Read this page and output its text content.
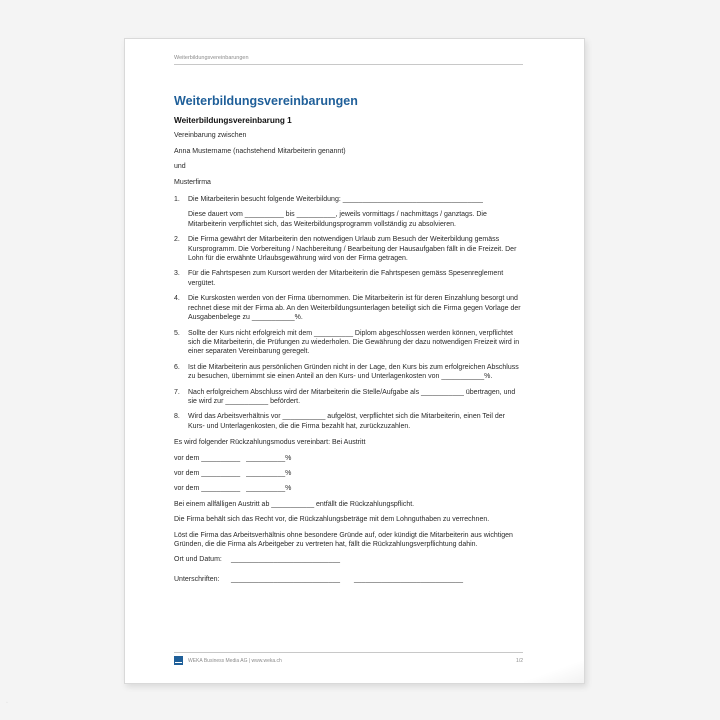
◦
Weiterbildungsvereinbarungen
Weiterbildungsvereinbarungen
Weiterbildungsvereinbarung 1
Vereinbarung zwischen
Anna Mustername (nachstehend Mitarbeiterin genannt)
und
Musterfirma
1. Die Mitarbeiterin besucht folgende Weiterbildung: ____________________________________
Diese dauert vom __________ bis __________, jeweils vormittags / nachmittags / ganztags. Die Mitarbeiterin verpflichtet sich, das Weiterbildungsprogramm vollständig zu absolvieren.
2. Die Firma gewährt der Mitarbeiterin den notwendigen Urlaub zum Besuch der Weiterbildung gemäss Kursprogramm. Die Vorbereitung / Nachbereitung / Bearbeitung der Hausaufgaben fällt in die Freizeit. Der Lohn für die erwähnte Urlaubsgewährung wird von der Firma getragen.
3. Für die Fahrtspesen zum Kursort werden der Mitarbeiterin die Fahrtspesen gemäss Spesenreglement vergütet.
4. Die Kurskosten werden von der Firma übernommen. Die Mitarbeiterin ist für deren Einzahlung besorgt und rechnet diese mit der Firma ab. An den Weiterbildungsunterlagen beteiligt sich die Firma gegen Vorlage der Ausgabenbelege zu ___________%.
5. Sollte der Kurs nicht erfolgreich mit dem __________ Diplom abgeschlossen werden können, verpflichtet sich die Mitarbeiterin, die Prüfungen zu wiederholen. Die Gewährung der dazu notwendigen Freizeit wird in einer separaten Vereinbarung geregelt.
6. Ist die Mitarbeiterin aus persönlichen Gründen nicht in der Lage, den Kurs bis zum erfolgreichen Abschluss zu besuchen, übernimmt sie einen Anteil an den Kurs- und Unterlagenkosten von ___________%.
7. Nach erfolgreichem Abschluss wird der Mitarbeiterin die Stelle/Aufgabe als ___________ übertragen, und sie wird zur ___________ befördert.
8. Wird das Arbeitsverhältnis vor ___________ aufgelöst, verpflichtet sich die Mitarbeiterin, einen Teil der Kurs- und Unterlagenkosten, die die Firma bezahlt hat, zurückzuzahlen.
Es wird folgender Rückzahlungsmodus vereinbart: Bei Austritt
vor dem __________ __________%
vor dem __________ __________%
vor dem __________ __________%
Bei einem allfälligen Austritt ab ___________ entfällt die Rückzahlungspflicht.
Die Firma behält sich das Recht vor, die Rückzahlungsbeträge mit dem Lohnguthaben zu verrechnen.
Löst die Firma das Arbeitsverhältnis ohne besondere Gründe auf, oder kündigt die Mitarbeiterin aus wichtigen Gründen, die die Firma als Arbeitgeber zu vertreten hat, fällt die Rückzahlungsverpflichtung dahin.
Ort und Datum:	____________________________
Unterschriften:	____________________________ ____________________________
WEKA Business Media AG | www.weka.ch	1/2
